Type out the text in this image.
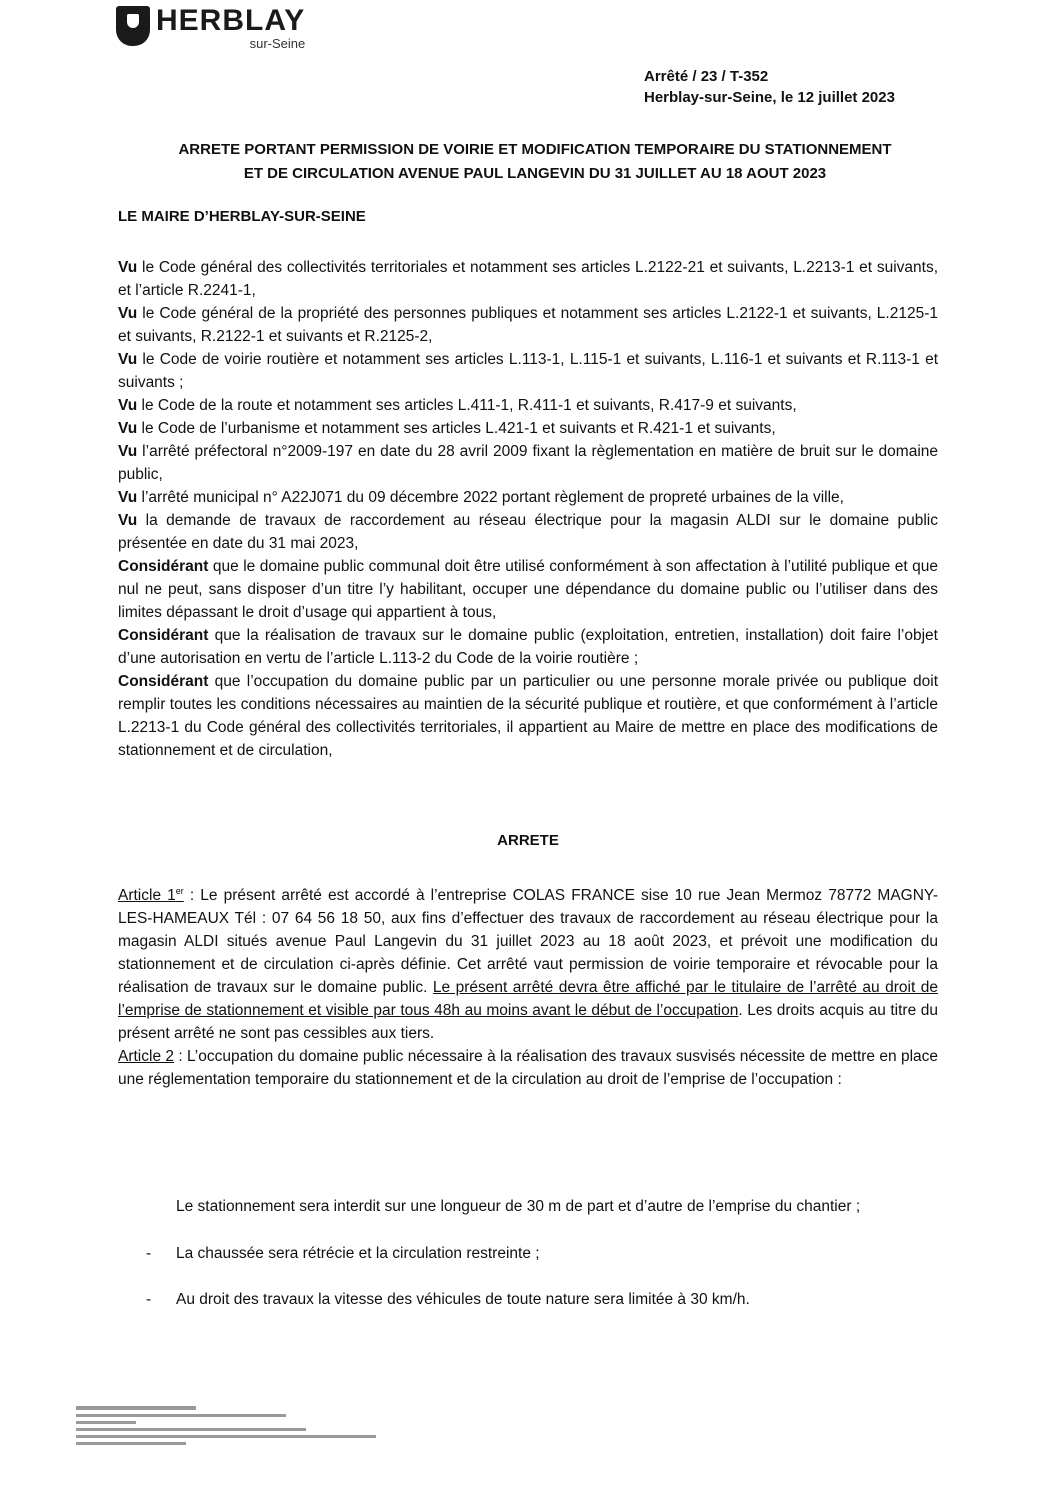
HERBLAY
sur-Seine
Arrêté / 23 / T-352
Herblay-sur-Seine, le 12 juillet 2023
ARRETE PORTANT PERMISSION DE VOIRIE ET MODIFICATION TEMPORAIRE DU STATIONNEMENT
ET DE CIRCULATION AVENUE PAUL LANGEVIN DU 31 JUILLET AU 18 AOUT 2023
LE MAIRE D’HERBLAY-SUR-SEINE

Vu le Code général des collectivités territoriales et notamment ses articles L.2122-21 et suivants, L.2213-1 et suivants, et l’article R.2241-1,

Vu le Code général de la propriété des personnes publiques et notamment ses articles L.2122-1 et suivants, L.2125-1 et suivants, R.2122-1 et suivants et R.2125-2,

Vu le Code de voirie routière et notamment ses articles L.113-1, L.115-1 et suivants, L.116-1 et suivants et R.113-1 et suivants ;

Vu le Code de la route et notamment ses articles L.411-1, R.411-1 et suivants, R.417-9 et suivants,

Vu le Code de l’urbanisme et notamment ses articles L.421-1 et suivants et R.421-1 et suivants,

Vu l’arrêté préfectoral n°2009-197 en date du 28 avril 2009 fixant la règlementation en matière de bruit sur le domaine public,

Vu l’arrêté municipal n° A22J071 du 09 décembre 2022 portant règlement de propreté urbaines de la ville,

Vu la demande de travaux de raccordement au réseau électrique pour la magasin ALDI sur le domaine public présentée en date du 31 mai 2023,

Considérant que le domaine public communal doit être utilisé conformément à son affectation à l’utilité publique et que nul ne peut, sans disposer d’un titre l’y habilitant, occuper une dépendance du domaine public ou l’utiliser dans des limites dépassant le droit d’usage qui appartient à tous,

Considérant que la réalisation de travaux sur le domaine public (exploitation, entretien, installation) doit faire l’objet d’une autorisation en vertu de l’article L.113-2 du Code de la voirie routière ;

Considérant que l’occupation du domaine public par un particulier ou une personne morale privée ou publique doit remplir toutes les conditions nécessaires au maintien de la sécurité publique et routière, et que conformément à l’article L.2213-1 du Code général des collectivités territoriales, il appartient au Maire de mettre en place des modifications de stationnement et de circulation,

ARRETE

Article 1er : Le présent arrêté est accordé à l’entreprise COLAS FRANCE sise 10 rue Jean Mermoz 78772 MAGNY-LES-HAMEAUX Tél : 07 64 56 18 50, aux fins d’effectuer des travaux de raccordement au réseau électrique pour la magasin ALDI situés avenue Paul Langevin du 31 juillet 2023 au 18 août 2023, et prévoit une modification du stationnement et de circulation ci-après définie. Cet arrêté vaut permission de voirie temporaire et révocable pour la réalisation de travaux sur le domaine public. Le présent arrêté devra être affiché par le titulaire de l’arrêté au droit de l’emprise de stationnement et visible par tous 48h au moins avant le début de l’occupation. Les droits acquis au titre du présent arrêté ne sont pas cessibles aux tiers.

Article 2 : L’occupation du domaine public nécessaire à la réalisation des travaux susvisés nécessite de mettre en place une réglementation temporaire du stationnement et de la circulation au droit de l’emprise de l’occupation :

Le stationnement sera interdit sur une longueur de 30 m de part et d’autre de l’emprise du chantier ;
-	La chaussée sera rétrécie et la circulation restreinte ;
-	Au droit des travaux la vitesse des véhicules de toute nature sera limitée à 30 km/h.
